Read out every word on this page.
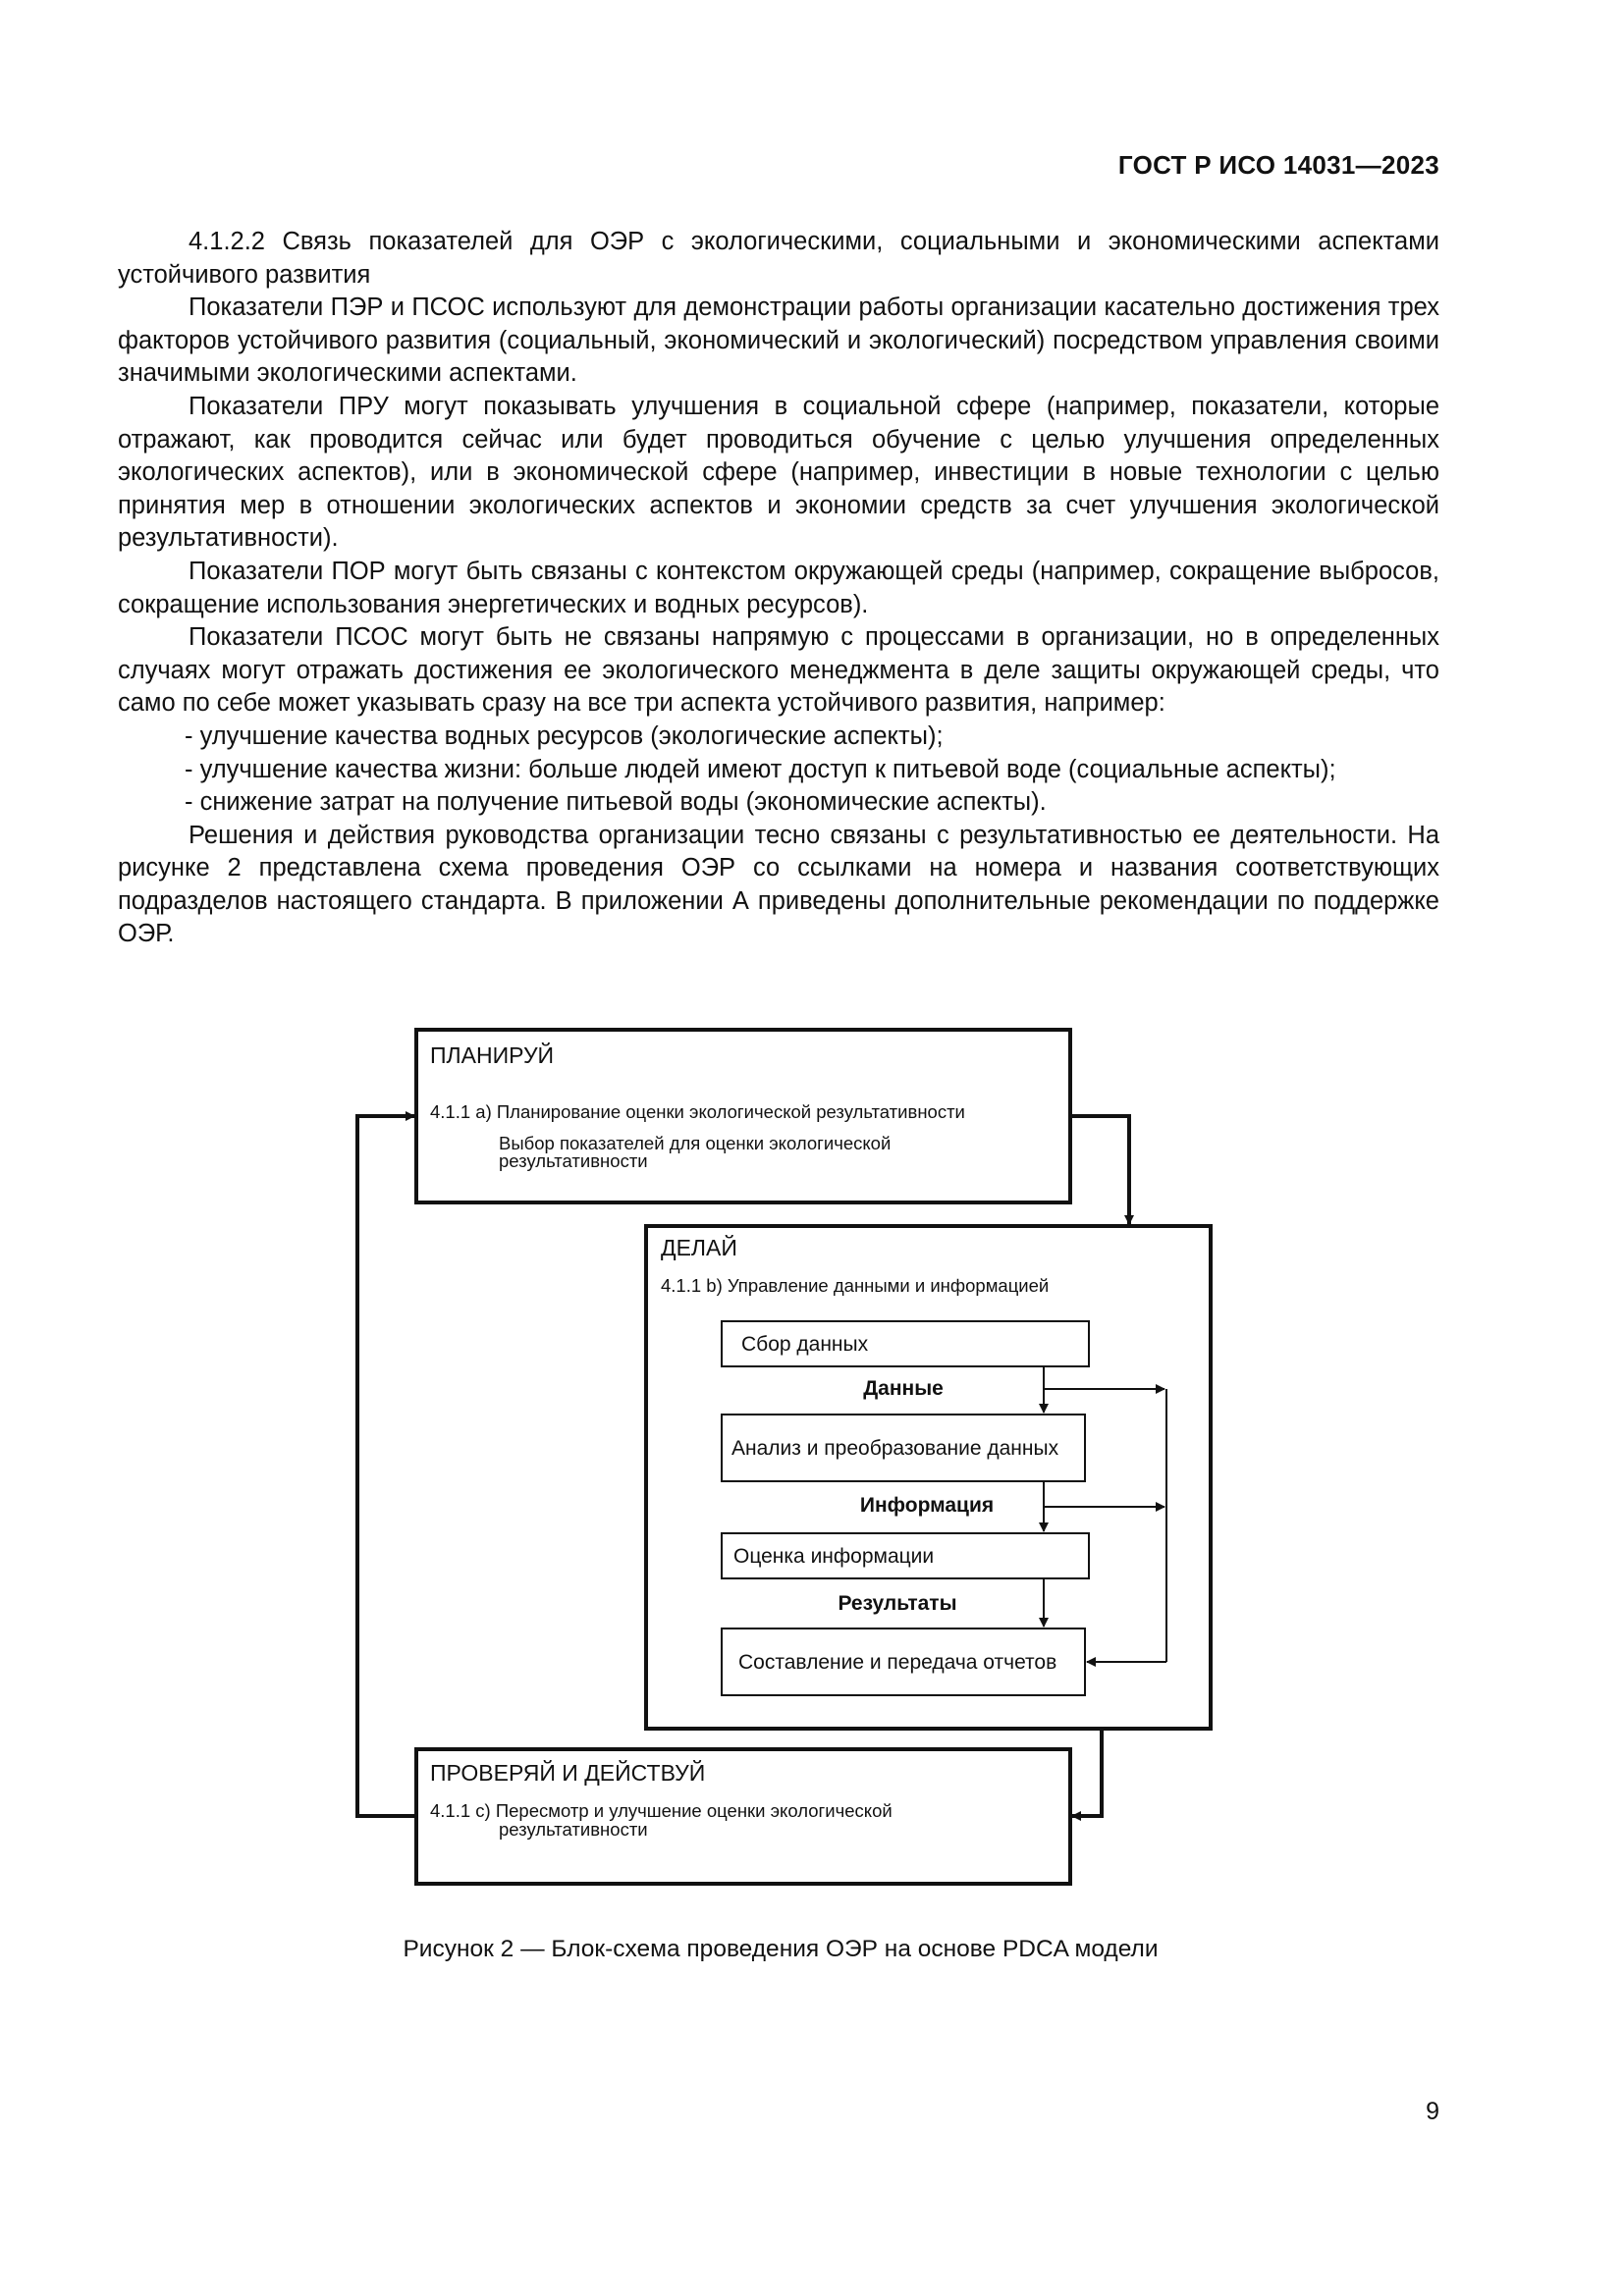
ГОСТ Р ИСО 14031—2023

4.1.2.2 Связь показателей для ОЭР с экологическими, социальными и экономическими аспектами устойчивого развития

Показатели ПЭР и ПСОС используют для демонстрации работы организации касательно достижения трех факторов устойчивого развития (социальный, экономический и экологический) посредством управления своими значимыми экологическими аспектами.

Показатели ПРУ могут показывать улучшения в социальной сфере (например, показатели, которые отражают, как проводится сейчас или будет проводиться обучение с целью улучшения определенных экологических аспектов), или в экономической сфере (например, инвестиции в новые технологии с целью принятия мер в отношении экологических аспектов и экономии средств за счет улучшения экологической результативности).

Показатели ПОР могут быть связаны с контекстом окружающей среды (например, сокращение выбросов, сокращение использования энергетических и водных ресурсов).

Показатели ПСОС могут быть не связаны напрямую с процессами в организации, но в определенных случаях могут отражать достижения ее экологического менеджмента в деле защиты окружающей среды, что само по себе может указывать сразу на все три аспекта устойчивого развития, например:

- улучшение качества водных ресурсов (экологические аспекты);
- улучшение качества жизни: больше людей имеют доступ к питьевой воде (социальные аспекты);
- снижение затрат на получение питьевой воды (экономические аспекты).

Решения и действия руководства организации тесно связаны с результативностью ее деятельности. На рисунке 2 представлена схема проведения ОЭР со ссылками на номера и названия соответствующих подразделов настоящего стандарта. В приложении А приведены дополнительные рекомендации по поддержке ОЭР.

ПЛАНИРУЙ
4.1.1 a) Планирование оценки экологической результативности
Выбор показателей для оценки экологической
результативности
ДЕЛАЙ
4.1.1 b) Управление данными и информацией
Сбор данных
Данные
Анализ и преобразование данных
Информация
Оценка информации
Результаты
Составление и передача отчетов
ПРОВЕРЯЙ И ДЕЙСТВУЙ
4.1.1 c) Пересмотр и улучшение оценки экологической
результативности
Рисунок 2 — Блок-схема проведения ОЭР на основе PDCA модели
9
